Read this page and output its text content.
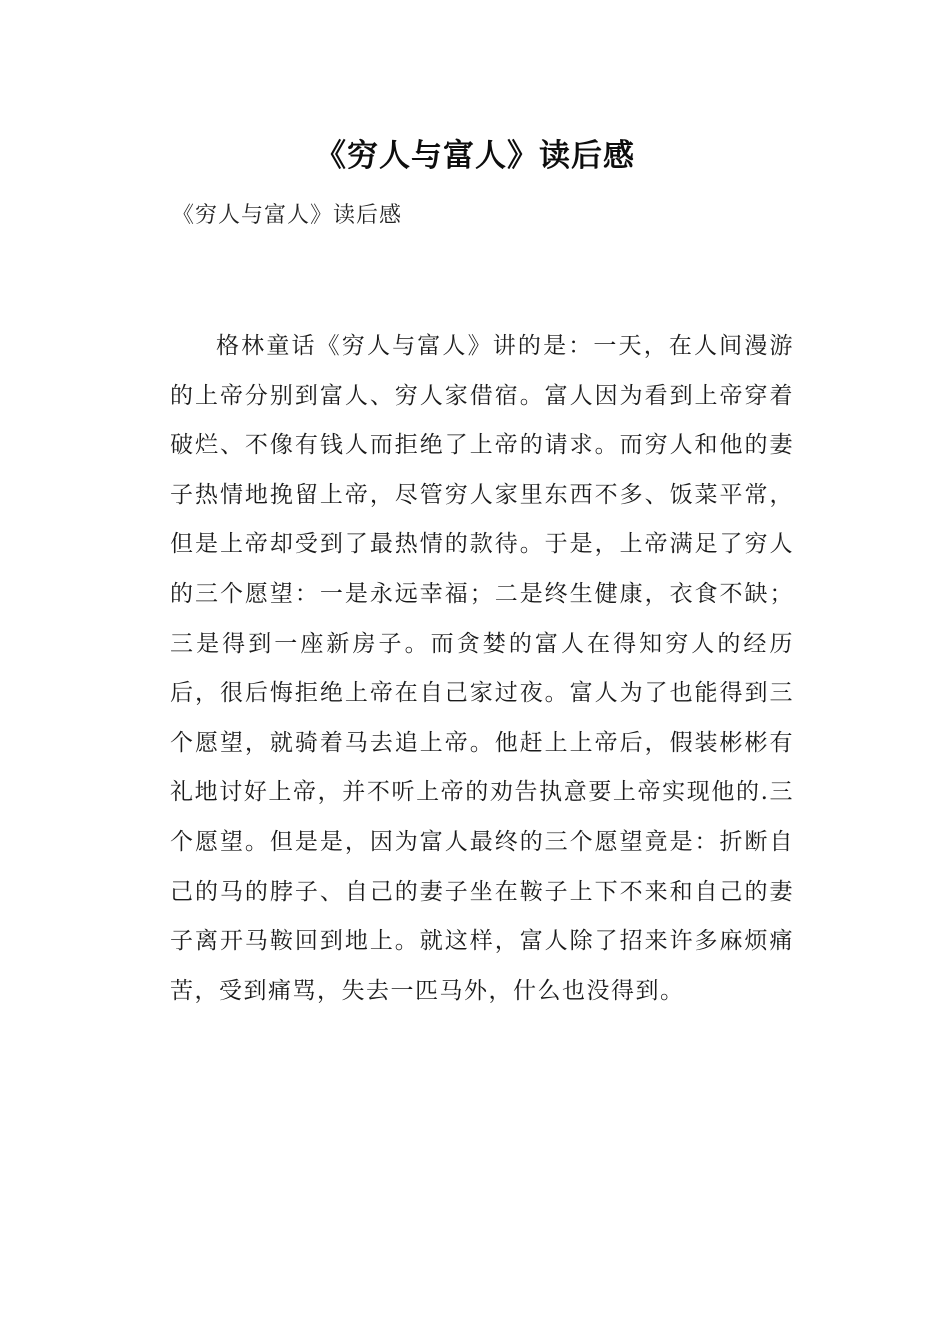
《穷人与富人》读后感
《穷人与富人》读后感

格林童话《穷人与富人》讲的是：一天，在人间漫游的上帝分别到富人、穷人家借宿。富人因为看到上帝穿着破烂、不像有钱人而拒绝了上帝的请求。而穷人和他的妻子热情地挽留上帝，尽管穷人家里东西不多、饭菜平常，但是上帝却受到了最热情的款待。于是，上帝满足了穷人的三个愿望：一是永远幸福；二是终生健康，衣食不缺；三是得到一座新房子。而贪婪的富人在得知穷人的经历后，很后悔拒绝上帝在自己家过夜。富人为了也能得到三个愿望，就骑着马去追上帝。他赶上上帝后，假装彬彬有礼地讨好上帝，并不听上帝的劝告执意要上帝实现他的.三个愿望。但是是，因为富人最终的三个愿望竟是：折断自己的马的脖子、自己的妻子坐在鞍子上下不来和自己的妻子离开马鞍回到地上。就这样，富人除了招来许多麻烦痛苦，受到痛骂，失去一匹马外，什么也没得到。
